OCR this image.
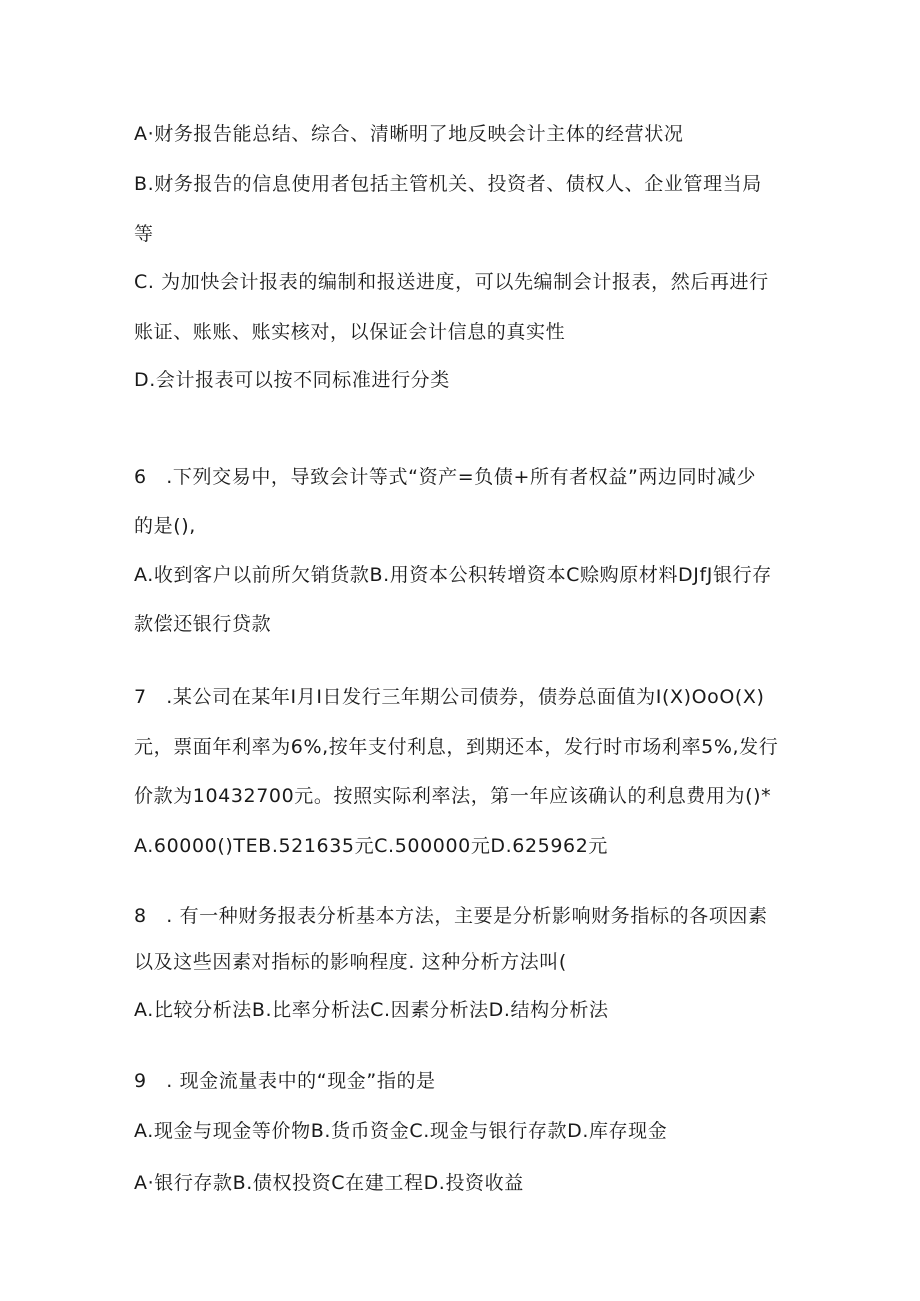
A·财务报告能总结、综合、清晰明了地反映会计主体的经营状况
B.财务报告的信息使用者包括主管机关、投资者、债权人、企业管理当局
等
C. 为加快会计报表的编制和报送进度，可以先编制会计报表，然后再进行
账证、账账、账实核对，以保证会计信息的真实性
D.会计报表可以按不同标准进行分类
6　.下列交易中，导致会计等式“资产=负债+所有者权益”两边同时减少
的是(),
A.收到客户以前所欠销货款B.用资本公积转增资本C赊购原材料DJfJ银行存
款偿还银行贷款
7　.某公司在某年I月I日发行三年期公司债券，债券总面值为I(X)OoO(X)
元，票面年利率为6%,按年支付利息，到期还本，发行时市场利率5%,发行
价款为10432700元。按照实际利率法，第一年应该确认的利息费用为()*
A.60000()TEB.521635元C.500000元D.625962元
8　. 有一种财务报表分析基本方法，主要是分析影响财务指标的各项因素
以及这些因素对指标的影响程度. 这种分析方法叫(
A.比较分析法B.比率分析法C.因素分析法D.结构分析法
9　. 现金流量表中的“现金”指的是
A.现金与现金等价物B.货币资金C.现金与银行存款D.库存现金
A·银行存款B.债权投资C在建工程D.投资收益
